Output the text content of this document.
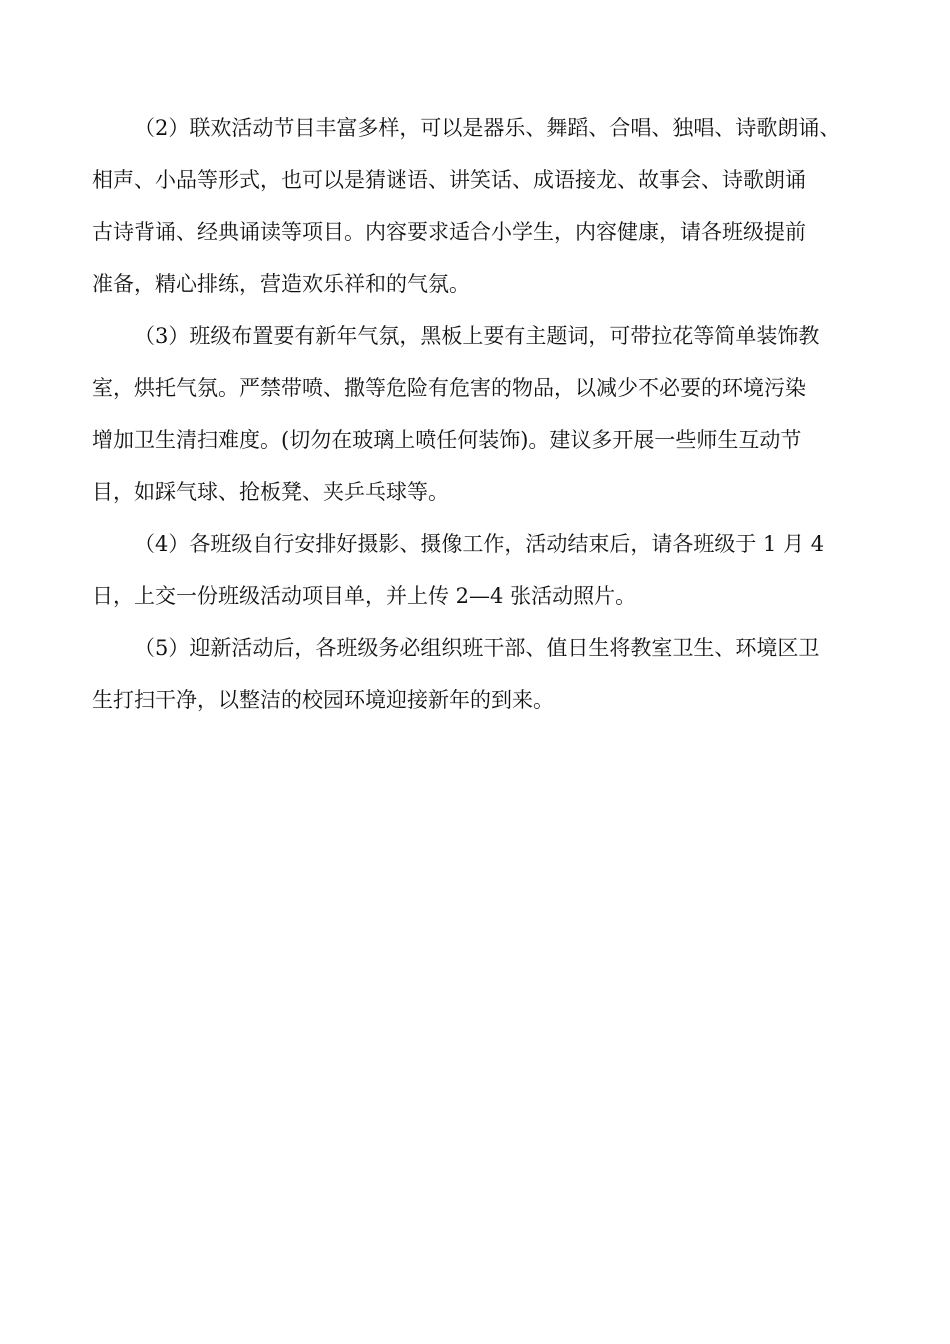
（2）联欢活动节目丰富多样，可以是器乐、舞蹈、合唱、独唱、诗歌朗诵、
相声、小品等形式，也可以是猜谜语、讲笑话、成语接龙、故事会、诗歌朗诵
古诗背诵、经典诵读等项目。内容要求适合小学生，内容健康，请各班级提前
准备，精心排练，营造欢乐祥和的气氛。

（3）班级布置要有新年气氛，黑板上要有主题词，可带拉花等简单装饰教
室，烘托气氛。严禁带喷、撒等危险有危害的物品，以减少不必要的环境污染
增加卫生清扫难度。(切勿在玻璃上喷任何装饰)。建议多开展一些师生互动节
目，如踩气球、抢板凳、夹乒乓球等。

（4）各班级自行安排好摄影、摄像工作，活动结束后，请各班级于 1 月 4
日，上交一份班级活动项目单，并上传 2—4 张活动照片。

（5）迎新活动后，各班级务必组织班干部、值日生将教室卫生、环境区卫
生打扫干净，以整洁的校园环境迎接新年的到来。
